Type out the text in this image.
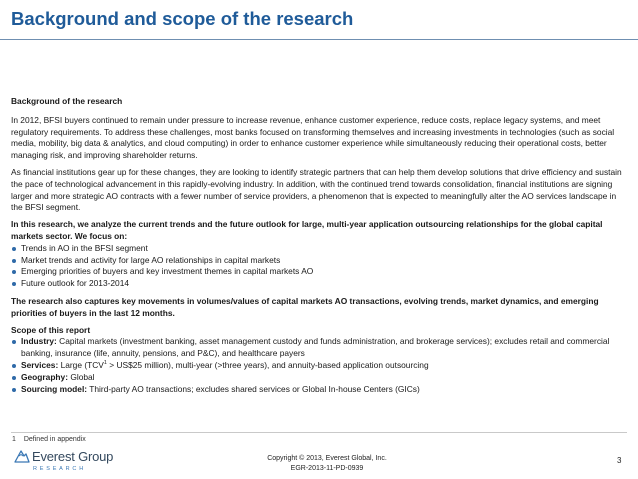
Background and scope of the research

Background of the research

In 2012, BFSI buyers continued to remain under pressure to increase revenue, enhance customer experience, reduce costs, replace legacy systems, and meet regulatory requirements. To address these challenges, most banks focused on transforming themselves and increasing investments in technologies (such as social media, mobility, big data & analytics, and cloud computing) in order to enhance customer experience while simultaneously reducing their operational costs, better managing risk, and improving shareholder returns.

As financial institutions gear up for these changes, they are looking to identify strategic partners that can help them develop solutions that drive efficiency and sustain the pace of technological advancement in this rapidly-evolving industry. In addition, with the continued trend towards consolidation, financial institutions are signing larger and more strategic AO contracts with a fewer number of service providers, a phenomenon that is expected to meaningfully alter the AO services landscape in the BFSI segment.

In this research, we analyze the current trends and the future outlook for large, multi-year application outsourcing relationships for the global capital markets sector. We focus on:

Trends in AO in the BFSI segment
Market trends and activity for large AO relationships in capital markets
Emerging priorities of buyers and key investment themes in capital markets AO
Future outlook for 2013-2014

The research also captures key movements in volumes/values of capital markets AO transactions, evolving trends, market dynamics, and emerging priorities of buyers in the last 12 months.

Scope of this report

Industry: Capital markets (investment banking, asset management custody and funds administration, and brokerage services); excludes retail and commercial banking, insurance (life, annuity, pensions, and P&C), and healthcare payers
Services: Large ($TCV^1$ > US$25 million), multi-year (>three years), and annuity-based application outsourcing
Geography: Global
Sourcing model: Third-party AO transactions; excludes shared services or Global In-house Centers (GICs)
1 Defined in appendix
Everest Group
RESEARCH
Copyright © 2013, Everest Global, Inc.
EGR-2013-11-PD-0939
3
